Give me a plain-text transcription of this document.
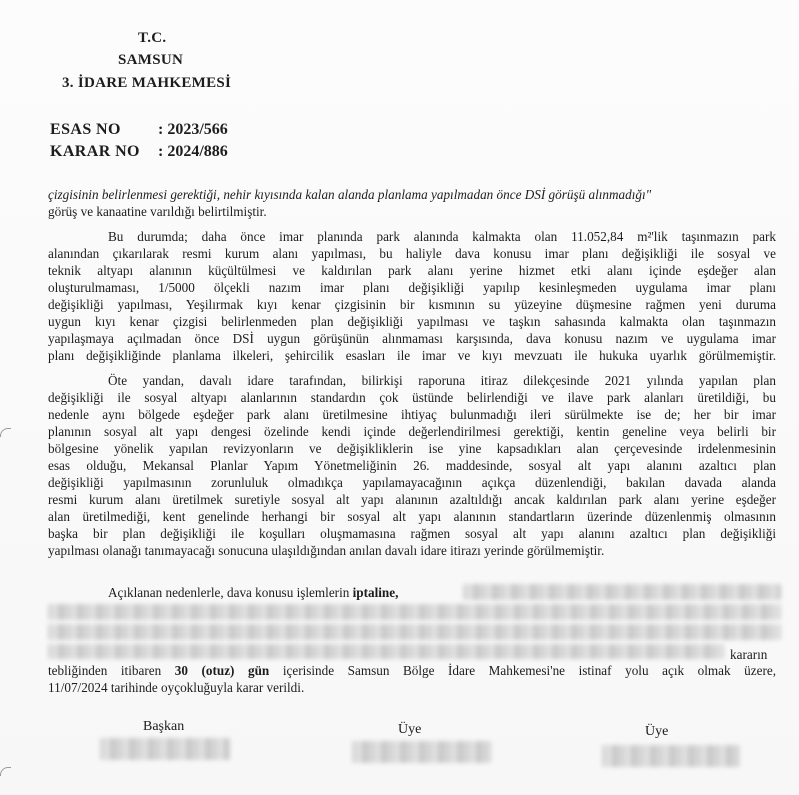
T.C.
SAMSUN
3. İDARE MAHKEMESİ
ESAS NO : 2023/566
KARAR NO : 2024/886
çizgisinin belirlenmesi gerektiği, nehir kıyısında kalan alanda planlama yapılmadan önce DSİ görüşü alınmadığı"
görüş ve kanaatine varıldığı belirtilmiştir.
Bu durumda; daha önce imar planında park alanında kalmakta olan 11.052,84 m²'lik taşınmazın park
alanından çıkarılarak resmi kurum alanı yapılması, bu haliyle dava konusu imar planı değişikliği ile sosyal ve
teknik altyapı alanının küçültülmesi ve kaldırılan park alanı yerine hizmet etki alanı içinde eşdeğer alan
oluşturulmaması, 1/5000 ölçekli nazım imar planı değişikliği yapılıp kesinleşmeden uygulama imar planı
değişikliği yapılması, Yeşilırmak kıyı kenar çizgisinin bir kısmının su yüzeyine düşmesine rağmen yeni duruma
uygun kıyı kenar çizgisi belirlenmeden plan değişikliği yapılması ve taşkın sahasında kalmakta olan taşınmazın
yapılaşmaya açılmadan önce DSİ uygun görüşünün alınmaması karşısında, dava konusu nazım ve uygulama imar
planı değişikliğinde planlama ilkeleri, şehircilik esasları ile imar ve kıyı mevzuatı ile hukuka uyarlık görülmemiştir.
Öte yandan, davalı idare tarafından, bilirkişi raporuna itiraz dilekçesinde 2021 yılında yapılan plan
değişikliği ile sosyal altyapı alanlarının standardın çok üstünde belirlendiği ve ilave park alanları üretildiği, bu
nedenle aynı bölgede eşdeğer park alanı üretilmesine ihtiyaç bulunmadığı ileri sürülmekte ise de; her bir imar
planının sosyal alt yapı dengesi özelinde kendi içinde değerlendirilmesi gerektiği, kentin geneline veya belirli bir
bölgesine yönelik yapılan revizyonların ve değişikliklerin ise yine kapsadıkları alan çerçevesinde irdelenmesinin
esas olduğu, Mekansal Planlar Yapım Yönetmeliğinin 26. maddesinde, sosyal alt yapı alanını azaltıcı plan
değişikliği yapılmasının zorunluluk olmadıkça yapılamayacağının açıkça düzenlendiği, bakılan davada alanda
resmi kurum alanı üretilmek suretiyle sosyal alt yapı alanının azaltıldığı ancak kaldırılan park alanı yerine eşdeğer
alan üretilmediği, kent genelinde herhangi bir sosyal alt yapı alanının standartların üzerinde düzenlenmiş olmasının
başka bir plan değişikliği ile koşulları oluşmamasına rağmen sosyal alt yapı alanını azaltıcı plan değişikliği
yapılması olanağı tanımayacağı sonucuna ulaşıldığından anılan davalı idare itirazı yerinde görülmemiştir.
Açıklanan nedenlerle, dava konusu işlemlerin iptaline,
kararın
tebliğinden itibaren 30 (otuz) gün içerisinde Samsun Bölge İdare Mahkemesi'ne istinaf yolu açık olmak üzere,
11/07/2024 tarihinde oyçokluğuyla karar verildi.
Başkan	Üye	Üye
